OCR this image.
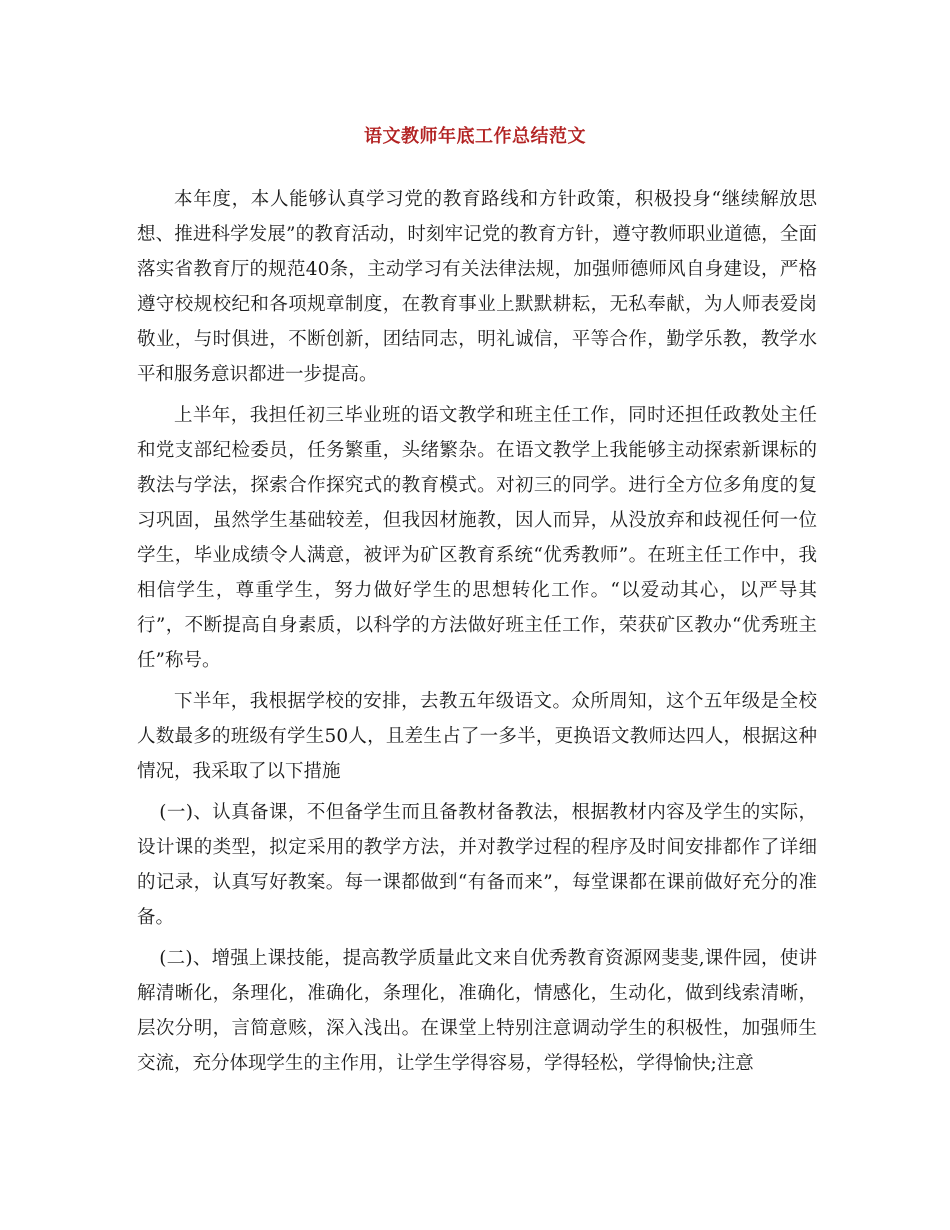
语文教师年底工作总结范文

本年度，本人能够认真学习党的教育路线和方针政策，积极投身“继续解放思想、推进科学发展”的教育活动，时刻牢记党的教育方针，遵守教师职业道德，全面落实省教育厅的规范40条，主动学习有关法律法规，加强师德师风自身建设，严格遵守校规校纪和各项规章制度，在教育事业上默默耕耘，无私奉献，为人师表爱岗敬业，与时俱进，不断创新，团结同志，明礼诚信，平等合作，勤学乐教，教学水平和服务意识都进一步提高。

上半年，我担任初三毕业班的语文教学和班主任工作，同时还担任政教处主任和党支部纪检委员，任务繁重，头绪繁杂。在语文教学上我能够主动探索新课标的教法与学法，探索合作探究式的教育模式。对初三的同学。进行全方位多角度的复习巩固，虽然学生基础较差，但我因材施教，因人而异，从没放弃和歧视任何一位学生，毕业成绩令人满意，被评为矿区教育系统“优秀教师”。在班主任工作中，我相信学生，尊重学生，努力做好学生的思想转化工作。“以爱动其心，以严导其行”，不断提高自身素质，以科学的方法做好班主任工作，荣获矿区教办“优秀班主任”称号。

下半年，我根据学校的安排，去教五年级语文。众所周知，这个五年级是全校人数最多的班级有学生50人，且差生占了一多半，更换语文教师达四人，根据这种情况，我采取了以下措施

(一)、认真备课，不但备学生而且备教材备教法，根据教材内容及学生的实际，设计课的类型，拟定采用的教学方法，并对教学过程的程序及时间安排都作了详细的记录，认真写好教案。每一课都做到“有备而来”，每堂课都在课前做好充分的准备。

(二)、增强上课技能，提高教学质量此文来自优秀教育资源网斐斐,课件园，使讲解清晰化，条理化，准确化，条理化，准确化，情感化，生动化，做到线索清晰，层次分明，言简意赅，深入浅出。在课堂上特别注意调动学生的积极性，加强师生交流，充分体现学生的主作用，让学生学得容易，学得轻松，学得愉快;注意
